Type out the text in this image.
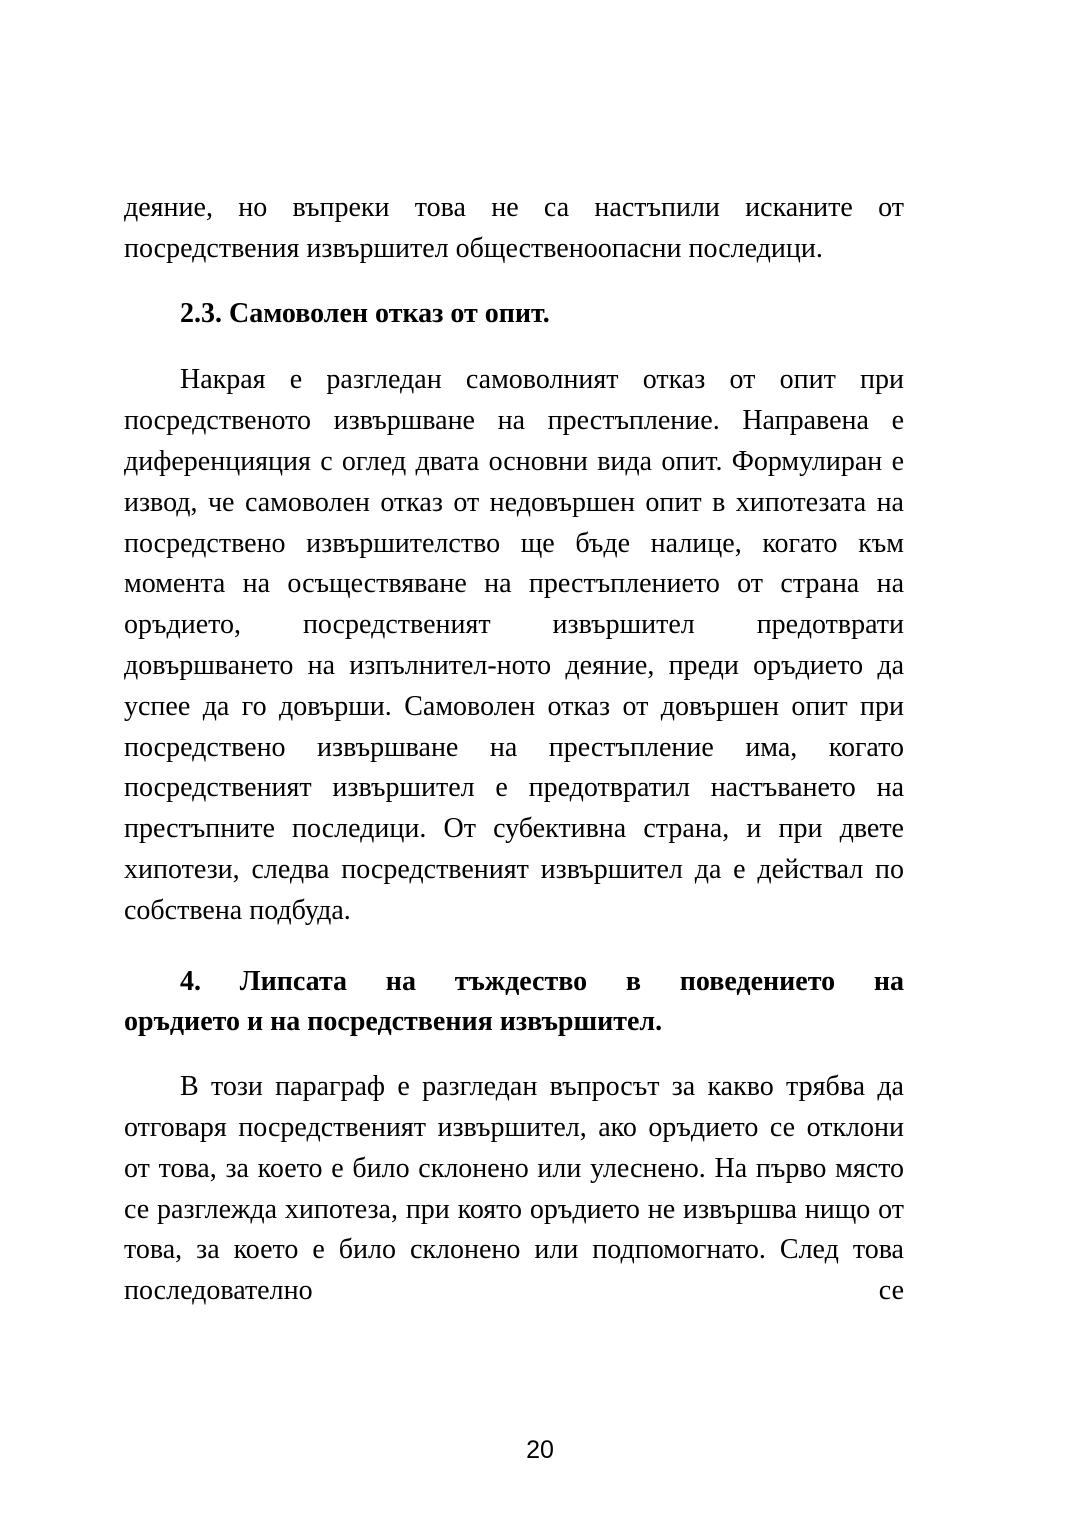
деяние, но въпреки това не са настъпили исканите от

посредствения извършител общественоопасни последици.

2.3. Самоволен отказ от опит.

Накрая е разгледан самоволният отказ от опит при посредственото извършване на престъпление. Направена е диференцияция с оглед двата основни вида опит. Формулиран е извод, че самоволен отказ от недовършен опит в хипотезата на посредствено извършителство ще бъде налице, когато към момента на осъществяване на престъплението от страна на оръдието, посредственият извършител предотврати довършването на изпълнител-ното деяние, преди оръдието да успее да го довърши. Самоволен отказ от довършен опит при посредствено извършване на престъпление има, когато посредственият извършител е предотвратил настъването на престъпните последици. От субективна страна, и при двете хипотези, следва посредственият извършител да е действал по собствена подбуда.

4. Липсата на тъждество в поведението на

оръдието и на посредствения извършител.

В този параграф е разгледан въпросът за какво трябва да отговаря посредственият извършител, ако оръдието се отклони от това, за което е било склонено или улеснено. На първо място се разглежда хипотеза, при която оръдието не извършва нищо от това, за което е било склонено или подпомогнато. След това последователно се

20
